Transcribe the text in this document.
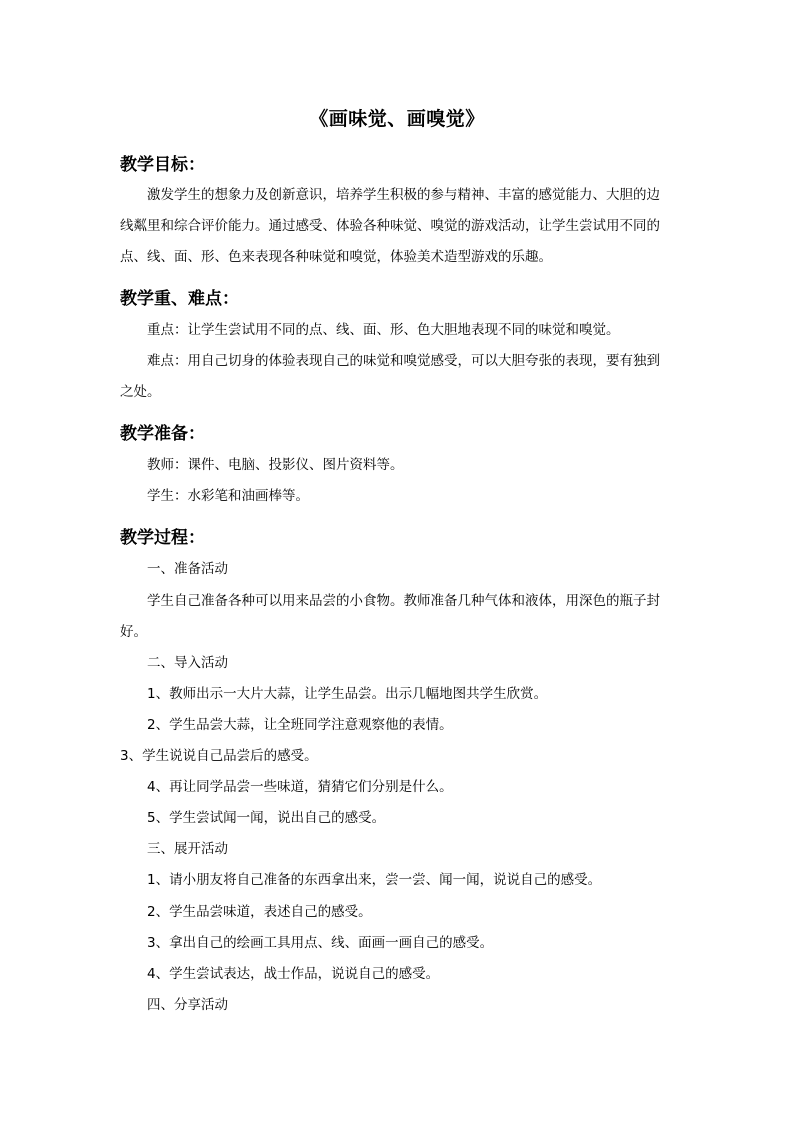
《画味觉、画嗅觉》
教学目标：
激发学生的想象力及创新意识，培养学生积极的参与精神、丰富的感觉能力、大胆的边
线粼里和综合评价能力。通过感受、体验各种味觉、嗅觉的游戏活动，让学生尝试用不同的
点、线、面、形、色来表现各种味觉和嗅觉，体验美术造型游戏的乐趣。
教学重、难点：
重点：让学生尝试用不同的点、线、面、形、色大胆地表现不同的味觉和嗅觉。
难点：用自己切身的体验表现自己的味觉和嗅觉感受，可以大胆夸张的表现，要有独到
之处。
教学准备：
教师：课件、电脑、投影仪、图片资料等。
学生：水彩笔和油画棒等。
教学过程：
一、准备活动
学生自己准备各种可以用来品尝的小食物。教师准备几种气体和液体，用深色的瓶子封
好。
二、导入活动
1、教师出示一大片大蒜，让学生品尝。出示几幅地图共学生欣赏。
2、学生品尝大蒜，让全班同学注意观察他的表情。
3、学生说说自己品尝后的感受。
4、再让同学品尝一些味道，猜猜它们分别是什么。
5、学生尝试闻一闻，说出自己的感受。
三、展开活动
1、请小朋友将自己准备的东西拿出来，尝一尝、闻一闻，说说自己的感受。
2、学生品尝味道，表述自己的感受。
3、拿出自己的绘画工具用点、线、面画一画自己的感受。
4、学生尝试表达，战士作品，说说自己的感受。
四、分享活动
